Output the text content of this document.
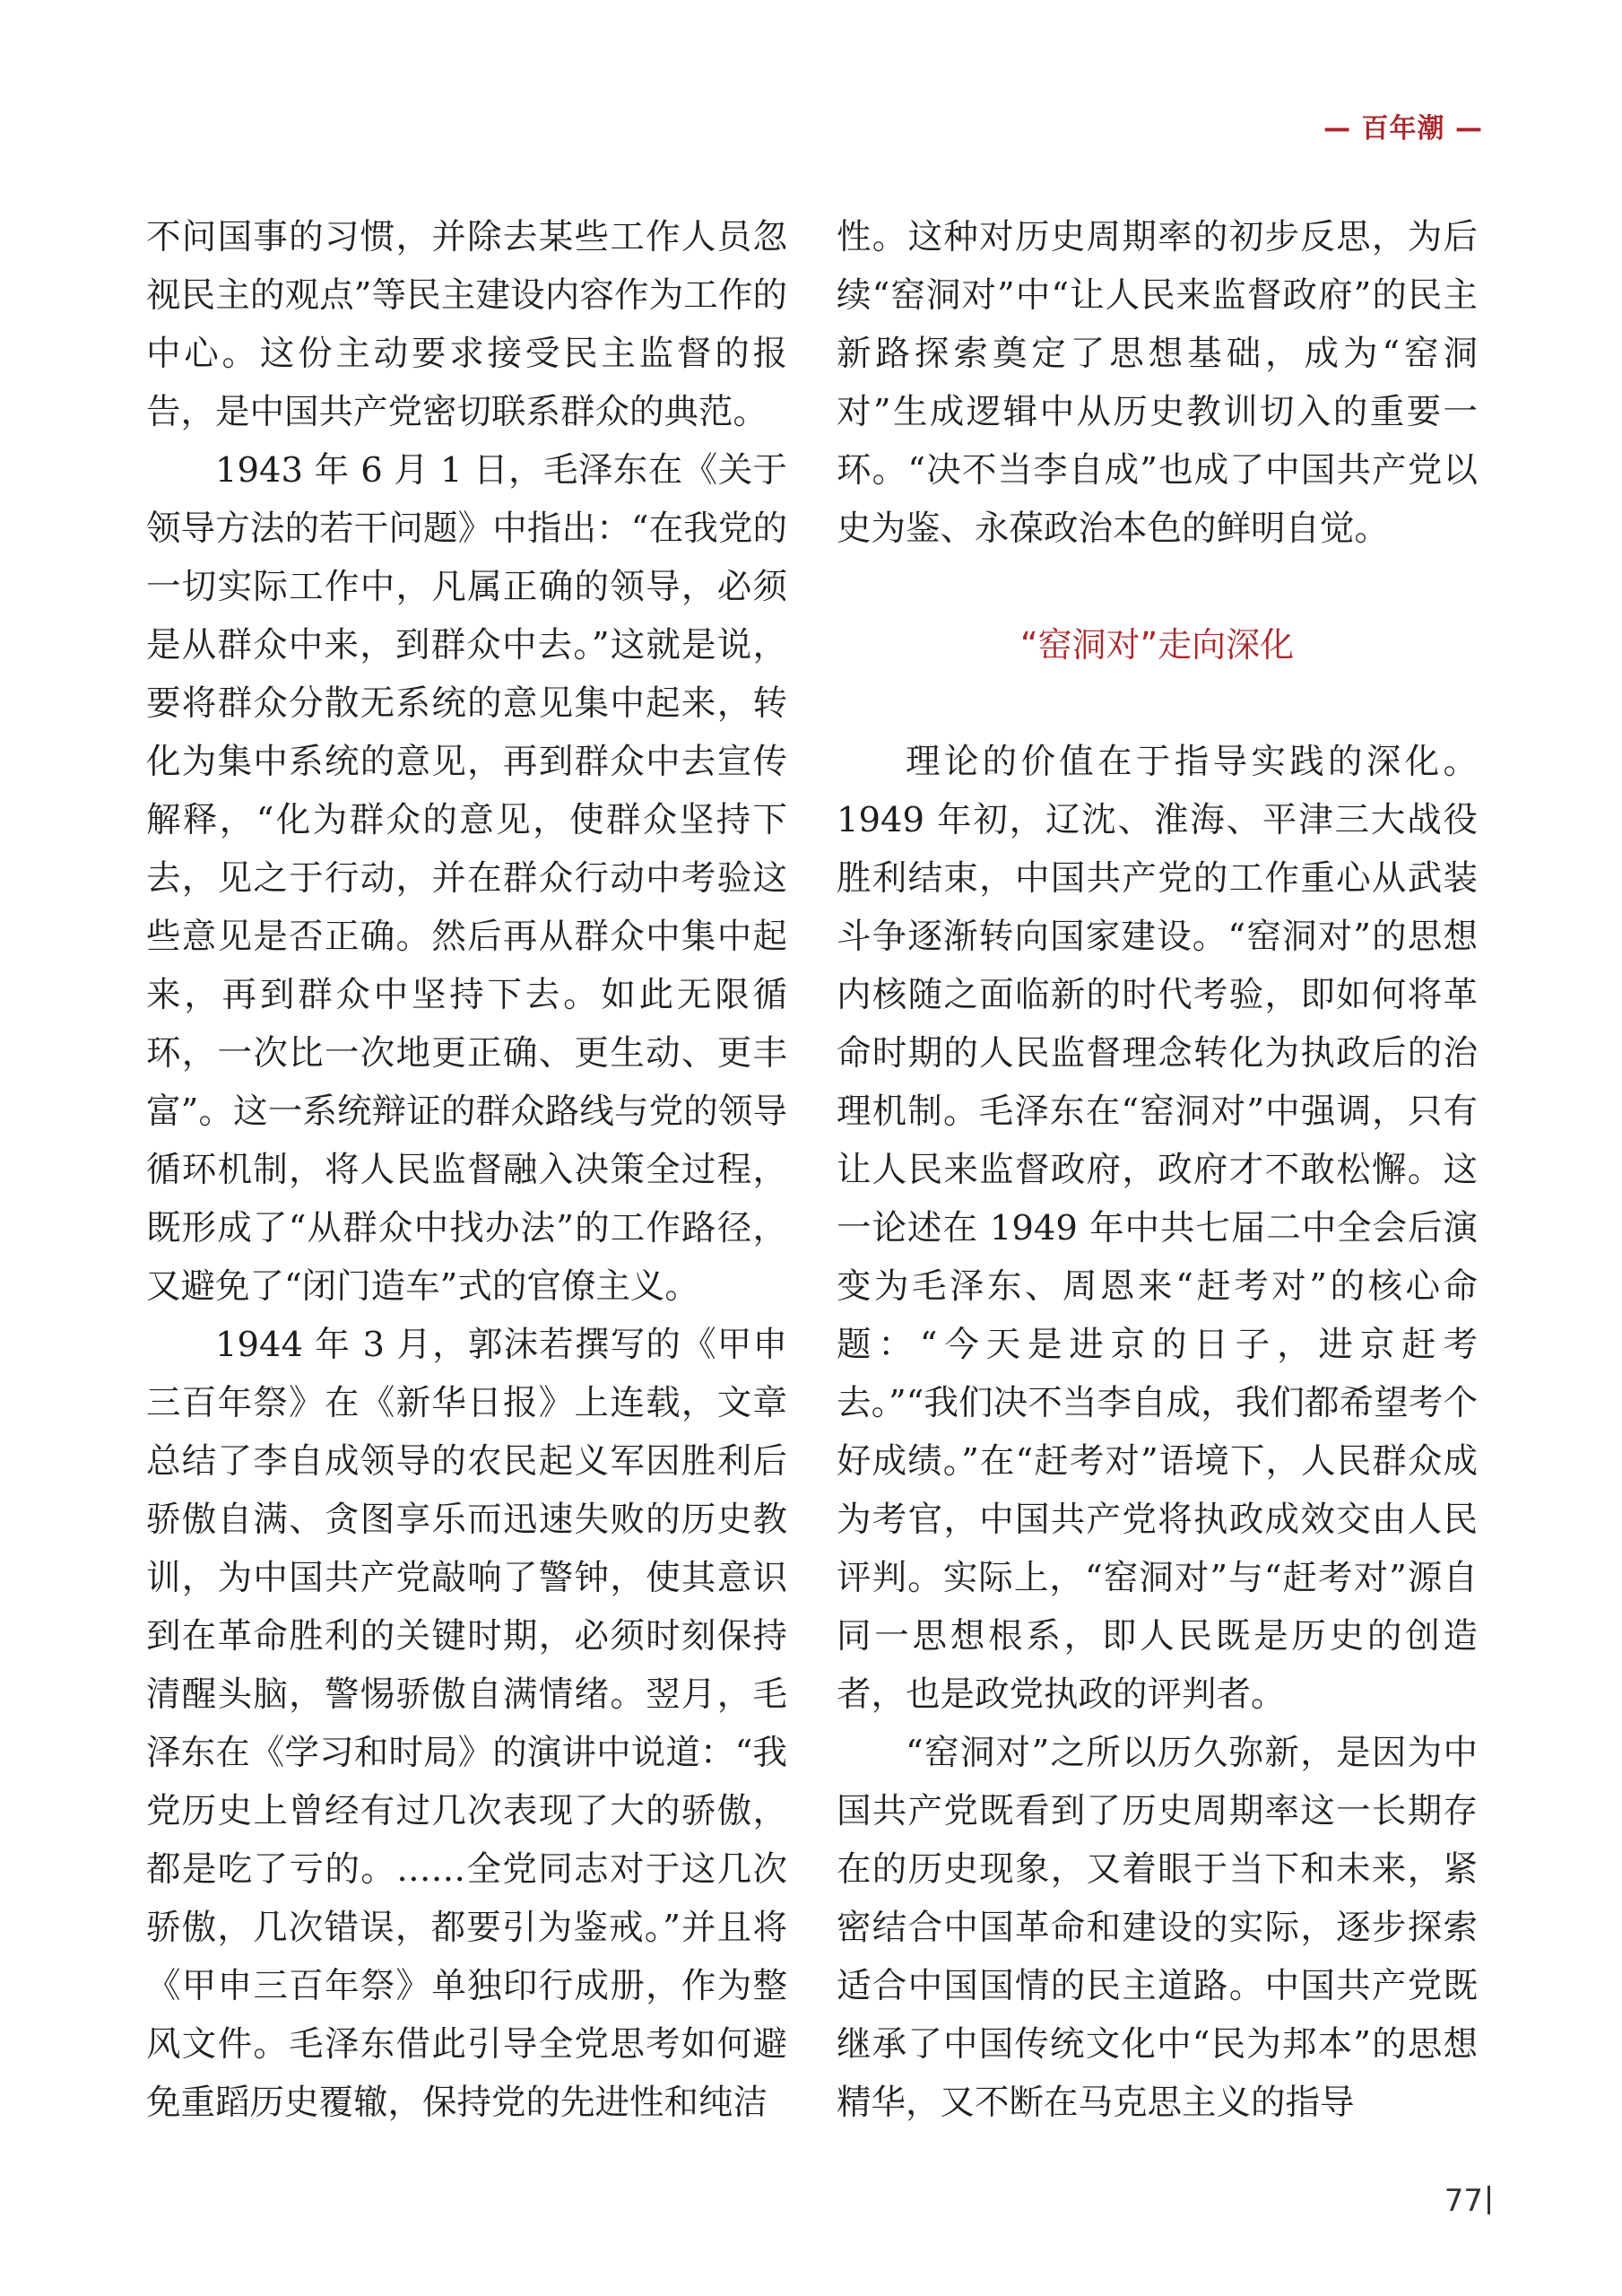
— 百年潮 —

不问国事的习惯，并除去某些工作人员忽视民主的观点”等民主建设内容作为工作的中心。这份主动要求接受民主监督的报告，是中国共产党密切联系群众的典范。

1943 年 6 月 1 日，毛泽东在《关于领导方法的若干问题》中指出：“在我党的一切实际工作中，凡属正确的领导，必须是从群众中来，到群众中去。”这就是说，要将群众分散无系统的意见集中起来，转化为集中系统的意见，再到群众中去宣传解释，“化为群众的意见，使群众坚持下去，见之于行动，并在群众行动中考验这些意见是否正确。然后再从群众中集中起来，再到群众中坚持下去。如此无限循环，一次比一次地更正确、更生动、更丰富”。这一系统辩证的群众路线与党的领导循环机制，将人民监督融入决策全过程，既形成了“从群众中找办法”的工作路径，又避免了“闭门造车”式的官僚主义。

1944 年 3 月，郭沫若撰写的《甲申三百年祭》在《新华日报》上连载，文章总结了李自成领导的农民起义军因胜利后骄傲自满、贪图享乐而迅速失败的历史教训，为中国共产党敲响了警钟，使其意识到在革命胜利的关键时期，必须时刻保持清醒头脑，警惕骄傲自满情绪。翌月，毛泽东在《学习和时局》的演讲中说道：“我党历史上曾经有过几次表现了大的骄傲，都是吃了亏的。……全党同志对于这几次骄傲，几次错误，都要引为鉴戒。”并且将《甲申三百年祭》单独印行成册，作为整风文件。毛泽东借此引导全党思考如何避免重蹈历史覆辙，保持党的先进性和纯洁

性。这种对历史周期率的初步反思，为后续“窑洞对”中“让人民来监督政府”的民主新路探索奠定了思想基础，成为“窑洞对”生成逻辑中从历史教训切入的重要一环。“决不当李自成”也成了中国共产党以史为鉴、永葆政治本色的鲜明自觉。

“窑洞对”走向深化

理论的价值在于指导实践的深化。1949 年初，辽沈、淮海、平津三大战役胜利结束，中国共产党的工作重心从武装斗争逐渐转向国家建设。“窑洞对”的思想内核随之面临新的时代考验，即如何将革命时期的人民监督理念转化为执政后的治理机制。毛泽东在“窑洞对”中强调，只有让人民来监督政府，政府才不敢松懈。这一论述在 1949 年中共七届二中全会后演变为毛泽东、周恩来“赶考对”的核心命题：“今天是进京的日子，进京赶考去。”“我们决不当李自成，我们都希望考个好成绩。”在“赶考对”语境下，人民群众成为考官，中国共产党将执政成效交由人民评判。实际上，“窑洞对”与“赶考对”源自同一思想根系，即人民既是历史的创造者，也是政党执政的评判者。

“窑洞对”之所以历久弥新，是因为中国共产党既看到了历史周期率这一长期存在的历史现象，又着眼于当下和未来，紧密结合中国革命和建设的实际，逐步探索适合中国国情的民主道路。中国共产党既继承了中国传统文化中“民为邦本”的思想精华，又不断在马克思主义的指导

77
